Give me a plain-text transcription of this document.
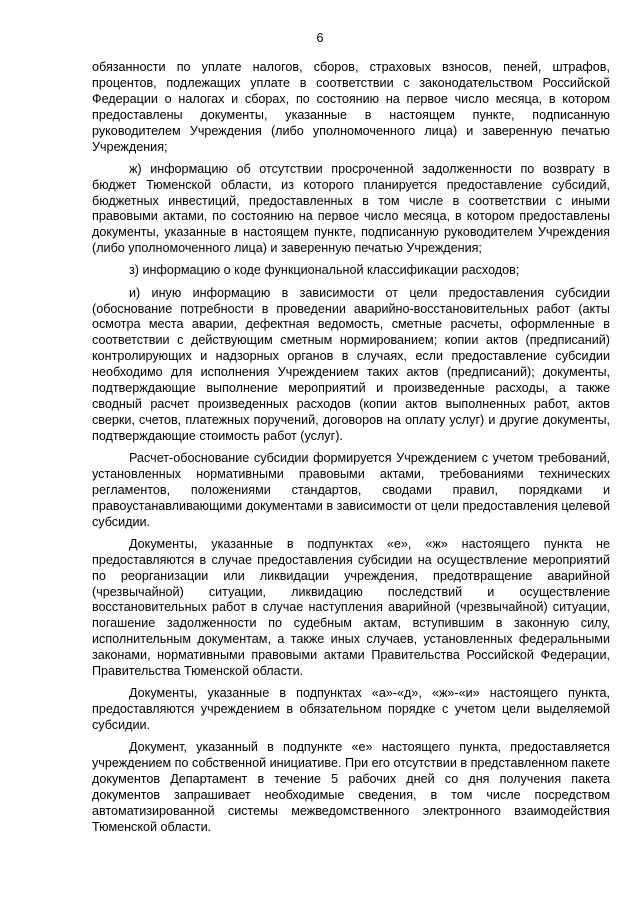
6

обязанности по уплате налогов, сборов, страховых взносов, пеней, штрафов, процентов, подлежащих уплате в соответствии с законодательством Российской Федерации о налогах и сборах, по состоянию на первое число месяца, в котором предоставлены документы, указанные в настоящем пункте, подписанную руководителем Учреждения (либо уполномоченного лица) и заверенную печатью Учреждения;

ж) информацию об отсутствии просроченной задолженности по возврату в бюджет Тюменской области, из которого планируется предоставление субсидий, бюджетных инвестиций, предоставленных в том числе в соответствии с иными правовыми актами, по состоянию на первое число месяца, в котором предоставлены документы, указанные в настоящем пункте, подписанную руководителем Учреждения (либо уполномоченного лица) и заверенную печатью Учреждения;

з) информацию о коде функциональной классификации расходов;

и) иную информацию в зависимости от цели предоставления субсидии (обоснование потребности в проведении аварийно-восстановительных работ (акты осмотра места аварии, дефектная ведомость, сметные расчеты, оформленные в соответствии с действующим сметным нормированием; копии актов (предписаний) контролирующих и надзорных органов в случаях, если предоставление субсидии необходимо для исполнения Учреждением таких актов (предписаний); документы, подтверждающие выполнение мероприятий и произведенные расходы, а также сводный расчет произведенных расходов (копии актов выполненных работ, актов сверки, счетов, платежных поручений, договоров на оплату услуг) и другие документы, подтверждающие стоимость работ (услуг).

Расчет-обоснование субсидии формируется Учреждением с учетом требований, установленных нормативными правовыми актами, требованиями технических регламентов, положениями стандартов, сводами правил, порядками и правоустанавливающими документами в зависимости от цели предоставления целевой субсидии.

Документы, указанные в подпунктах «е», «ж» настоящего пункта не предоставляются в случае предоставления субсидии на осуществление мероприятий по реорганизации или ликвидации учреждения, предотвращение аварийной (чрезвычайной) ситуации, ликвидацию последствий и осуществление восстановительных работ в случае наступления аварийной (чрезвычайной) ситуации, погашение задолженности по судебным актам, вступившим в законную силу, исполнительным документам, а также иных случаев, установленных федеральными законами, нормативными правовыми актами Правительства Российской Федерации, Правительства Тюменской области.

Документы, указанные в подпунктах «а»-«д», «ж»-«и» настоящего пункта, предоставляются учреждением в обязательном порядке с учетом цели выделяемой субсидии.

Документ, указанный в подпункте «е» настоящего пункта, предоставляется учреждением по собственной инициативе. При его отсутствии в представленном пакете документов Департамент в течение 5 рабочих дней со дня получения пакета документов запрашивает необходимые сведения, в том числе посредством автоматизированной системы межведомственного электронного взаимодействия Тюменской области.
